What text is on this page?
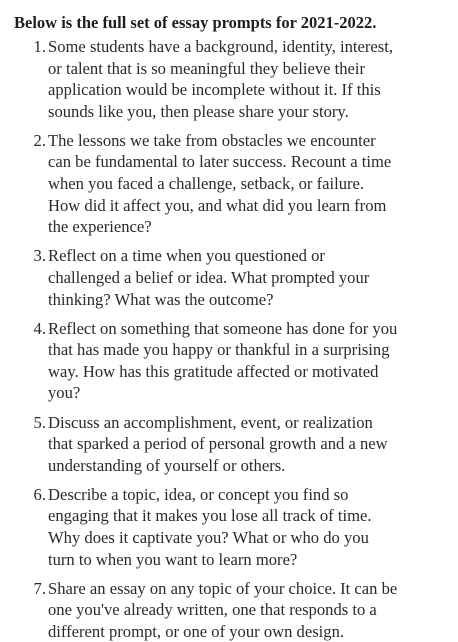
Below is the full set of essay prompts for 2021-2022.
1. Some students have a background, identity, interest,
or talent that is so meaningful they believe their
application would be incomplete without it. If this
sounds like you, then please share your story.
2. The lessons we take from obstacles we encounter
can be fundamental to later success. Recount a time
when you faced a challenge, setback, or failure.
How did it affect you, and what did you learn from
the experience?
3. Reflect on a time when you questioned or
challenged a belief or idea. What prompted your
thinking? What was the outcome?
4. Reflect on something that someone has done for you
that has made you happy or thankful in a surprising
way. How has this gratitude affected or motivated
you?
5. Discuss an accomplishment, event, or realization
that sparked a period of personal growth and a new
understanding of yourself or others.
6. Describe a topic, idea, or concept you find so
engaging that it makes you lose all track of time.
Why does it captivate you? What or who do you
turn to when you want to learn more?
7. Share an essay on any topic of your choice. It can be
one you've already written, one that responds to a
different prompt, or one of your own design.
